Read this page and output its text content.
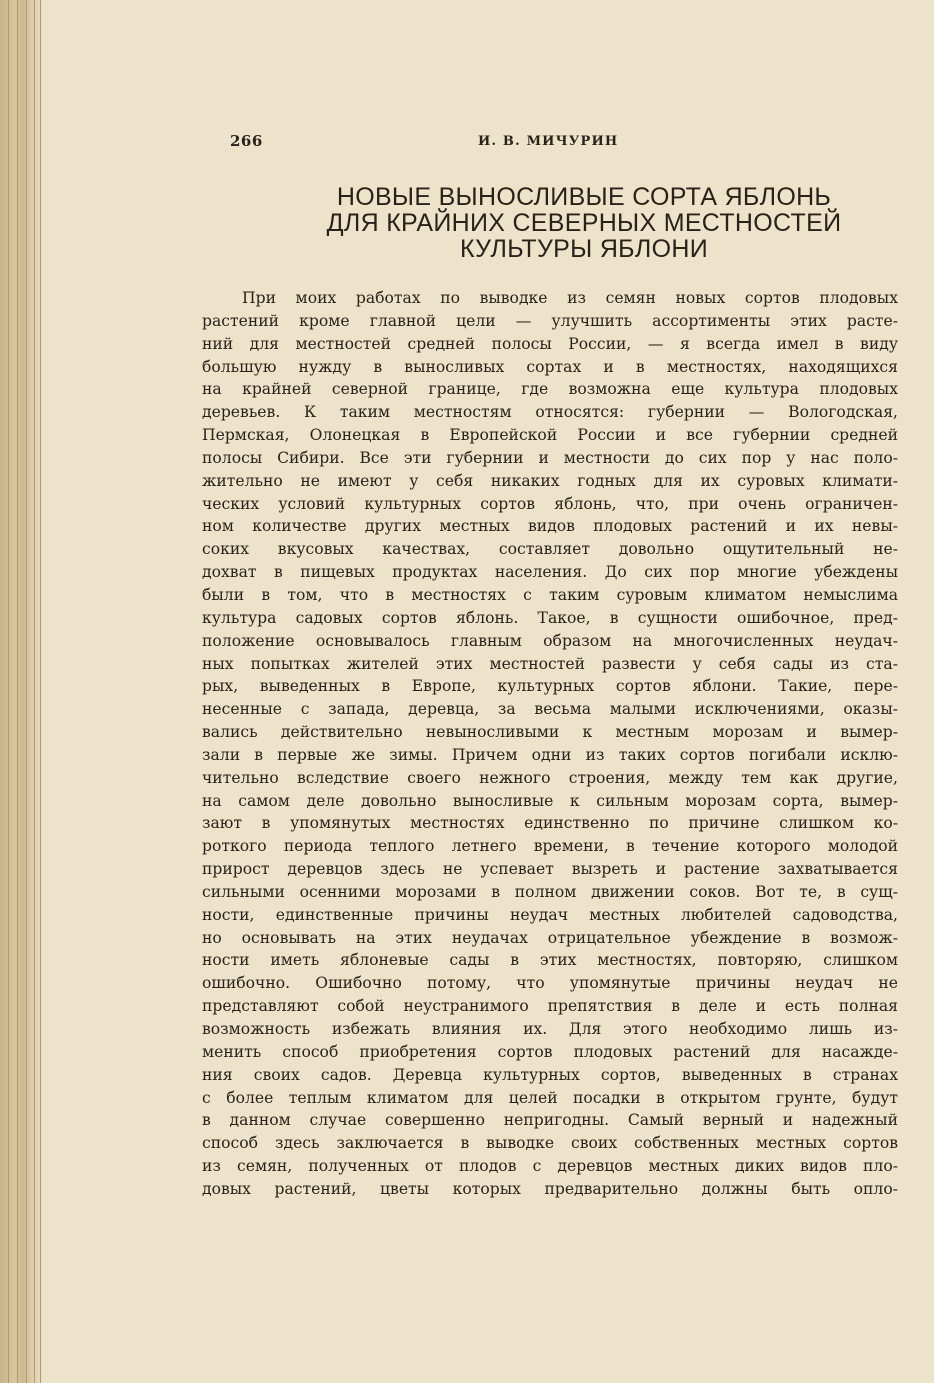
266	И. В. МИЧУРИН
НОВЫЕ ВЫНОСЛИВЫЕ СОРТА ЯБЛОНЬ
ДЛЯ КРАЙНИХ СЕВЕРНЫХ МЕСТНОСТЕЙ
КУЛЬТУРЫ ЯБЛОНИ
При моих работах по выводке из семян новых сортов плодовых
растений кроме главной цели — улучшить ассортименты этих расте-
ний для местностей средней полосы России, — я всегда имел в виду
большую нужду в выносливых сортах и в местностях, находящихся
на крайней северной границе, где возможна еще культура плодовых
деревьев. К таким местностям относятся: губернии — Вологодская,
Пермская, Олонецкая в Европейской России и все губернии средней
полосы Сибири. Все эти губернии и местности до сих пор у нас поло-
жительно не имеют у себя никаких годных для их суровых климати-
ческих условий культурных сортов яблонь, что, при очень ограничен-
ном количестве других местных видов плодовых растений и их невы-
соких вкусовых качествах, составляет довольно ощутительный не-
дохват в пищевых продуктах населения. До сих пор многие убеждены
были в том, что в местностях с таким суровым климатом немыслима
культура садовых сортов яблонь. Такое, в сущности ошибочное, пред-
положение основывалось главным образом на многочисленных неудач-
ных попытках жителей этих местностей развести у себя сады из ста-
рых, выведенных в Европе, культурных сортов яблони. Такие, пере-
несенные с запада, деревца, за весьма малыми исключениями, оказы-
вались действительно невыносливыми к местным морозам и вымер-
зали в первые же зимы. Причем одни из таких сортов погибали исклю-
чительно вследствие своего нежного строения, между тем как другие,
на самом деле довольно выносливые к сильным морозам сорта, вымер-
зают в упомянутых местностях единственно по причине слишком ко-
роткого периода теплого летнего времени, в течение которого молодой
прирост деревцов здесь не успевает вызреть и растение захватывается
сильными осенними морозами в полном движении соков. Вот те, в сущ-
ности, единственные причины неудач местных любителей садоводства,
но основывать на этих неудачах отрицательное убеждение в возмож-
ности иметь яблоневые сады в этих местностях, повторяю, слишком
ошибочно. Ошибочно потому, что упомянутые причины неудач не
представляют собой неустранимого препятствия в деле и есть полная
возможность избежать влияния их. Для этого необходимо лишь из-
менить способ приобретения сортов плодовых растений для насажде-
ния своих садов. Деревца культурных сортов, выведенных в странах
с более теплым климатом для целей посадки в открытом грунте, будут
в данном случае совершенно непригодны. Самый верный и надежный
способ здесь заключается в выводке своих собственных местных сортов
из семян, полученных от плодов с деревцов местных диких видов пло-
довых растений, цветы которых предварительно должны быть опло-
